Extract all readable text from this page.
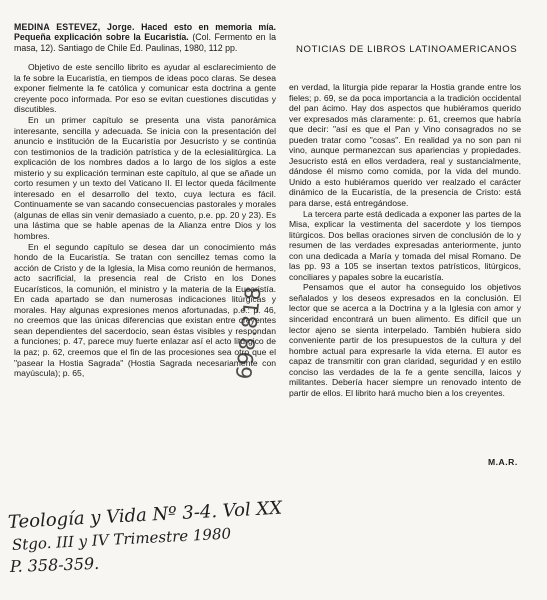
MEDINA ESTEVEZ, Jorge. Haced esto en memoria mía. Pequeña explicación sobre la Eucaristía. (Col. Fermento en la masa, 12). Santiago de Chile Ed. Paulinas, 1980, 112 pp.

Objetivo de este sencillo librito es ayudar al esclarecimiento de la fe sobre la Eucaristía, en tiempos de ideas poco claras. Se desea exponer fielmente la fe católica y comunicar esta doctrina a gente creyente poco informada. Por eso se evitan cuestiones discutidas y discutibles.

En un primer capítulo se presenta una vista panorámica interesante, sencilla y adecuada. Se inicia con la presentación del anuncio e institución de la Eucaristía por Jesucristo y se continúa con testimonios de la tradición patrística y de la eclesialitúrgica. La explicación de los nombres dados a lo largo de los siglos a este misterio y su explicación terminan este capítulo, al que se añade un corto resumen y un texto del Vaticano II. El lector queda fácilmente interesado en el desarrollo del texto, cuya lectura es fácil. Continuamente se van sacando consecuencias pastorales y morales (algunas de ellas sin venir demasiado a cuento, p.e. pp. 20 y 23). Es una lástima que se hable apenas de la Alianza entre Dios y los hombres.

En el segundo capítulo se desea dar un conocimiento más hondo de la Eucaristía. Se tratan con sencillez temas como la acción de Cristo y de la Iglesia, la Misa como reunión de hermanos, acto sacrificial, la presencia real de Cristo en los Dones Eucarísticos, la comunión, el ministro y la materia de la Eucaristía. En cada apartado se dan numerosas indicaciones litúrgicas y morales. Hay algunas expresiones menos afortunadas, p.e.: p. 46, no creemos que las únicas diferencias que existan entre creyentes sean dependientes del sacerdocio, sean éstas visibles y respondan a funciones; p. 47, parece muy fuerte enlazar así el acto litúrgico de la paz; p. 62, creemos que el fin de las procesiones sea otro que el "pasear la Hostia Sagrada" (Hostia Sagrada necesariamente con mayúscula); p. 65,

NOTICIAS DE LIBROS LATINOAMERICANOS

en verdad, la liturgia pide reparar la Hostia grande entre los fieles; p. 69, se da poca importancia a la tradición occidental del pan ácimo. Hay dos aspectos que hubiéramos querido ver expresados más claramente: p. 61, creemos que habría que decir: "así es que el Pan y Vino consagrados no se pueden tratar como "cosas". En realidad ya no son pan ni vino, aunque permanezcan sus apariencias y propiedades. Jesucristo está en ellos verdadera, real y sustancialmente, dándose él mismo como comida, por la vida del mundo. Unido a esto hubiéramos querido ver realzado el carácter dinámico de la Eucaristía, de la presencia de Cristo: está para darse, está entregándose.

La tercera parte está dedicada a exponer las partes de la Misa, explicar la vestimenta del sacerdote y los tiempos litúrgicos. Dos bellas oraciones sirven de conclusión de lo y resumen de las verdades expresadas anteriormente, junto con una dedicada a María y tomada del misal Romano. De las pp. 93 a 105 se insertan textos patrísticos, litúrgicos, conciliares y papales sobre la eucaristía.

Pensamos que el autor ha conseguido los objetivos señalados y los deseos expresados en la conclusión. El lector que se acerca a la Doctrina y a la Iglesia con amor y sinceridad encontrará un buen alimento. Es difícil que un lector ajeno se sienta interpelado. También hubiera sido conveniente partir de los presupuestos de la cultura y del hombre actual para expresarle la vida eterna. El autor es capaz de transmitir con gran claridad, seguridad y en estilo conciso las verdades de la fe a gente sencilla, laicos y militantes. Debería hacer siempre un renovado intento de partir de ellos. El librito hará mucho bien a los creyentes.

M.A.R.
698.818
Teología y Vida Nº 3-4. Vol XX
Stgo. III y IV Trimestre 1980
P. 358-359.
